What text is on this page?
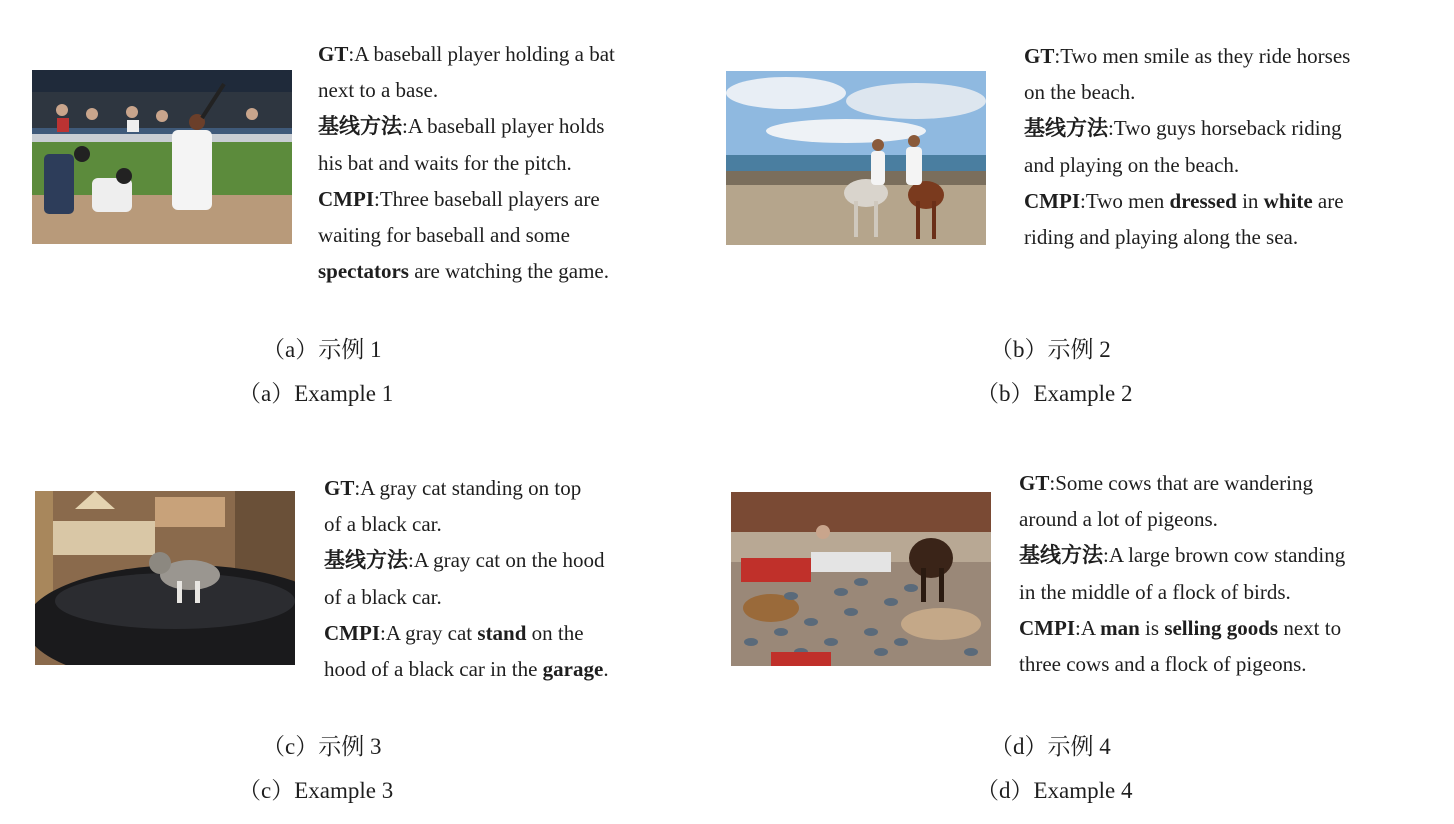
GT:A baseball player holding a bat

next to a base.

基线方法:A baseball player holds

his bat and waits for the pitch.

CMPI:Three baseball players are

waiting for baseball and some

spectators are watching the game.

（a）示例 1
（a）Example 1

GT:Two men smile as they ride horses

on the beach.

基线方法:Two guys horseback riding

and playing on the beach.

CMPI:Two men dressed in white are

riding and playing along the sea.

（b）示例 2
（b）Example 2

GT:A gray cat standing on top

of a black car.

基线方法:A gray cat on the hood

of a black car.

CMPI:A gray cat stand on the

hood of a black car in the garage.

（c）示例 3
（c）Example 3

GT:Some cows that are wandering

around a lot of pigeons.

基线方法:A large brown cow standing

in the middle of a flock of birds.

CMPI:A man is selling goods next to

three cows and a flock of pigeons.

（d）示例 4
（d）Example 4
